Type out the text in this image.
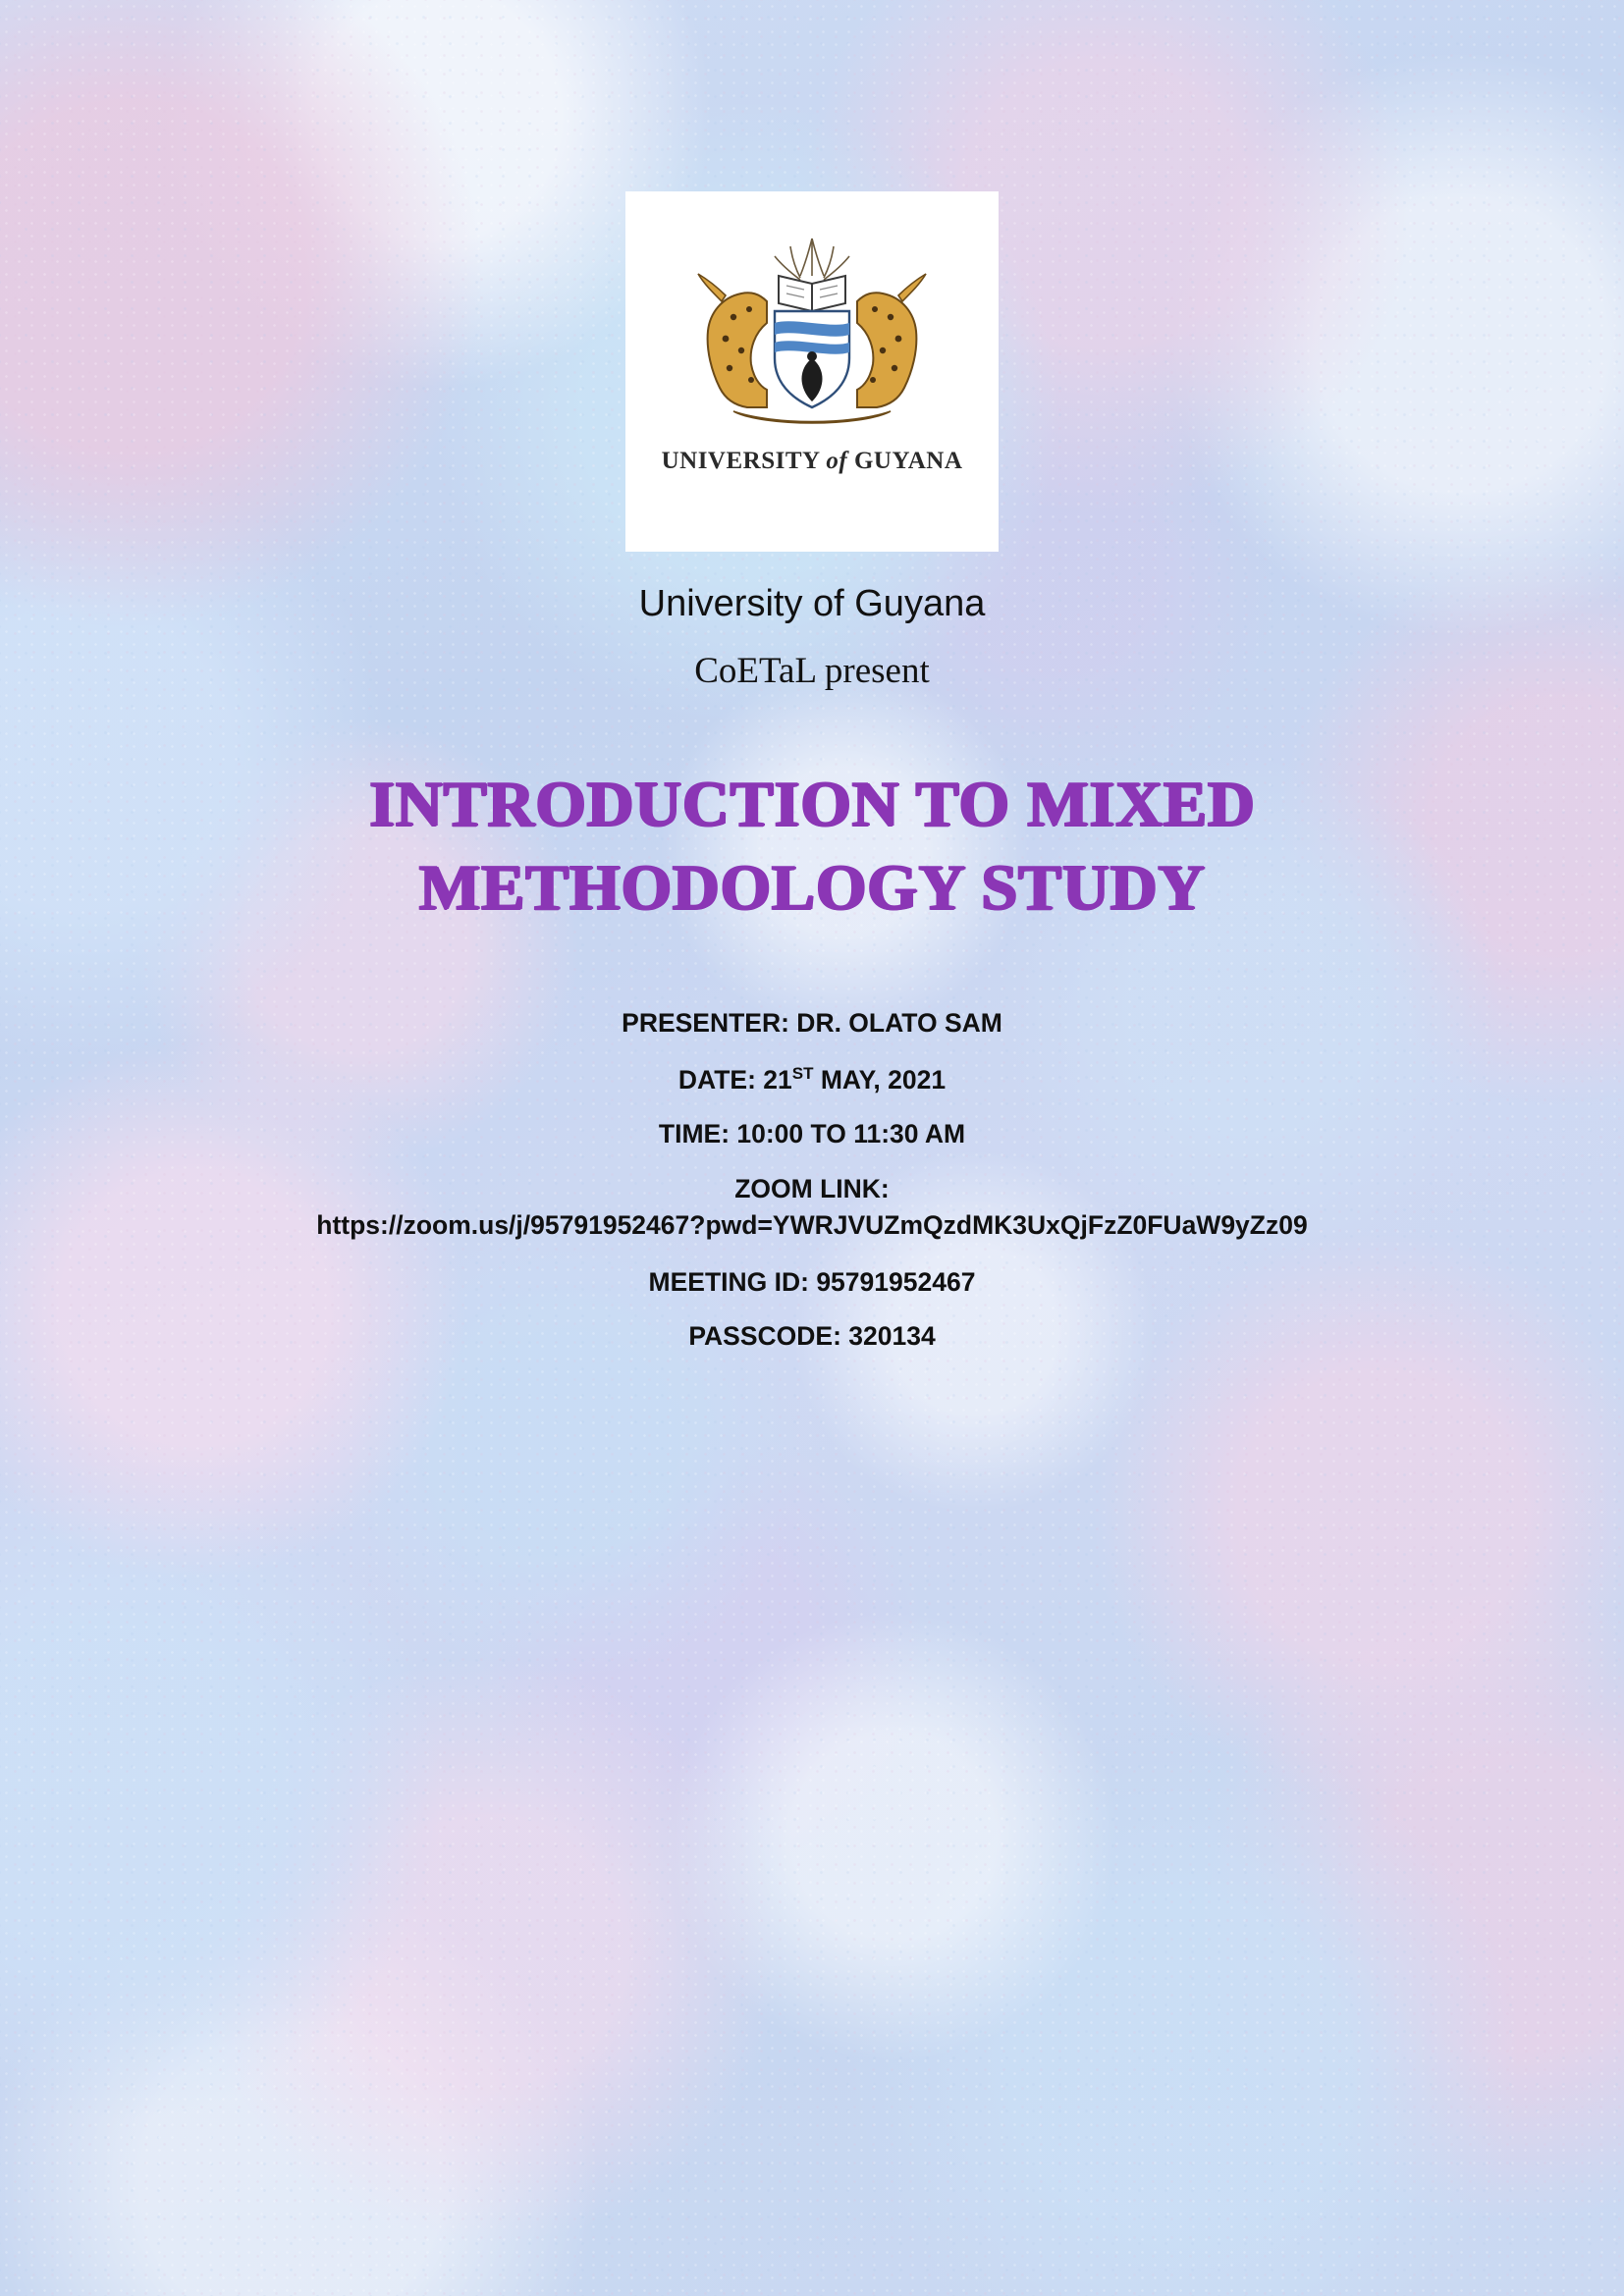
UNIVERSITY of GUYANA
University of Guyana
CoETaL present
INTRODUCTION TO MIXED METHODOLOGY STUDY
PRESENTER: DR. OLATO SAM
DATE: 21ST MAY, 2021
TIME: 10:00 TO 11:30 AM
ZOOM LINK:
https://zoom.us/j/95791952467?pwd=YWRJVUZmQzdMK3UxQjFzZ0FUaW9yZz09
MEETING ID: 95791952467
PASSCODE: 320134
